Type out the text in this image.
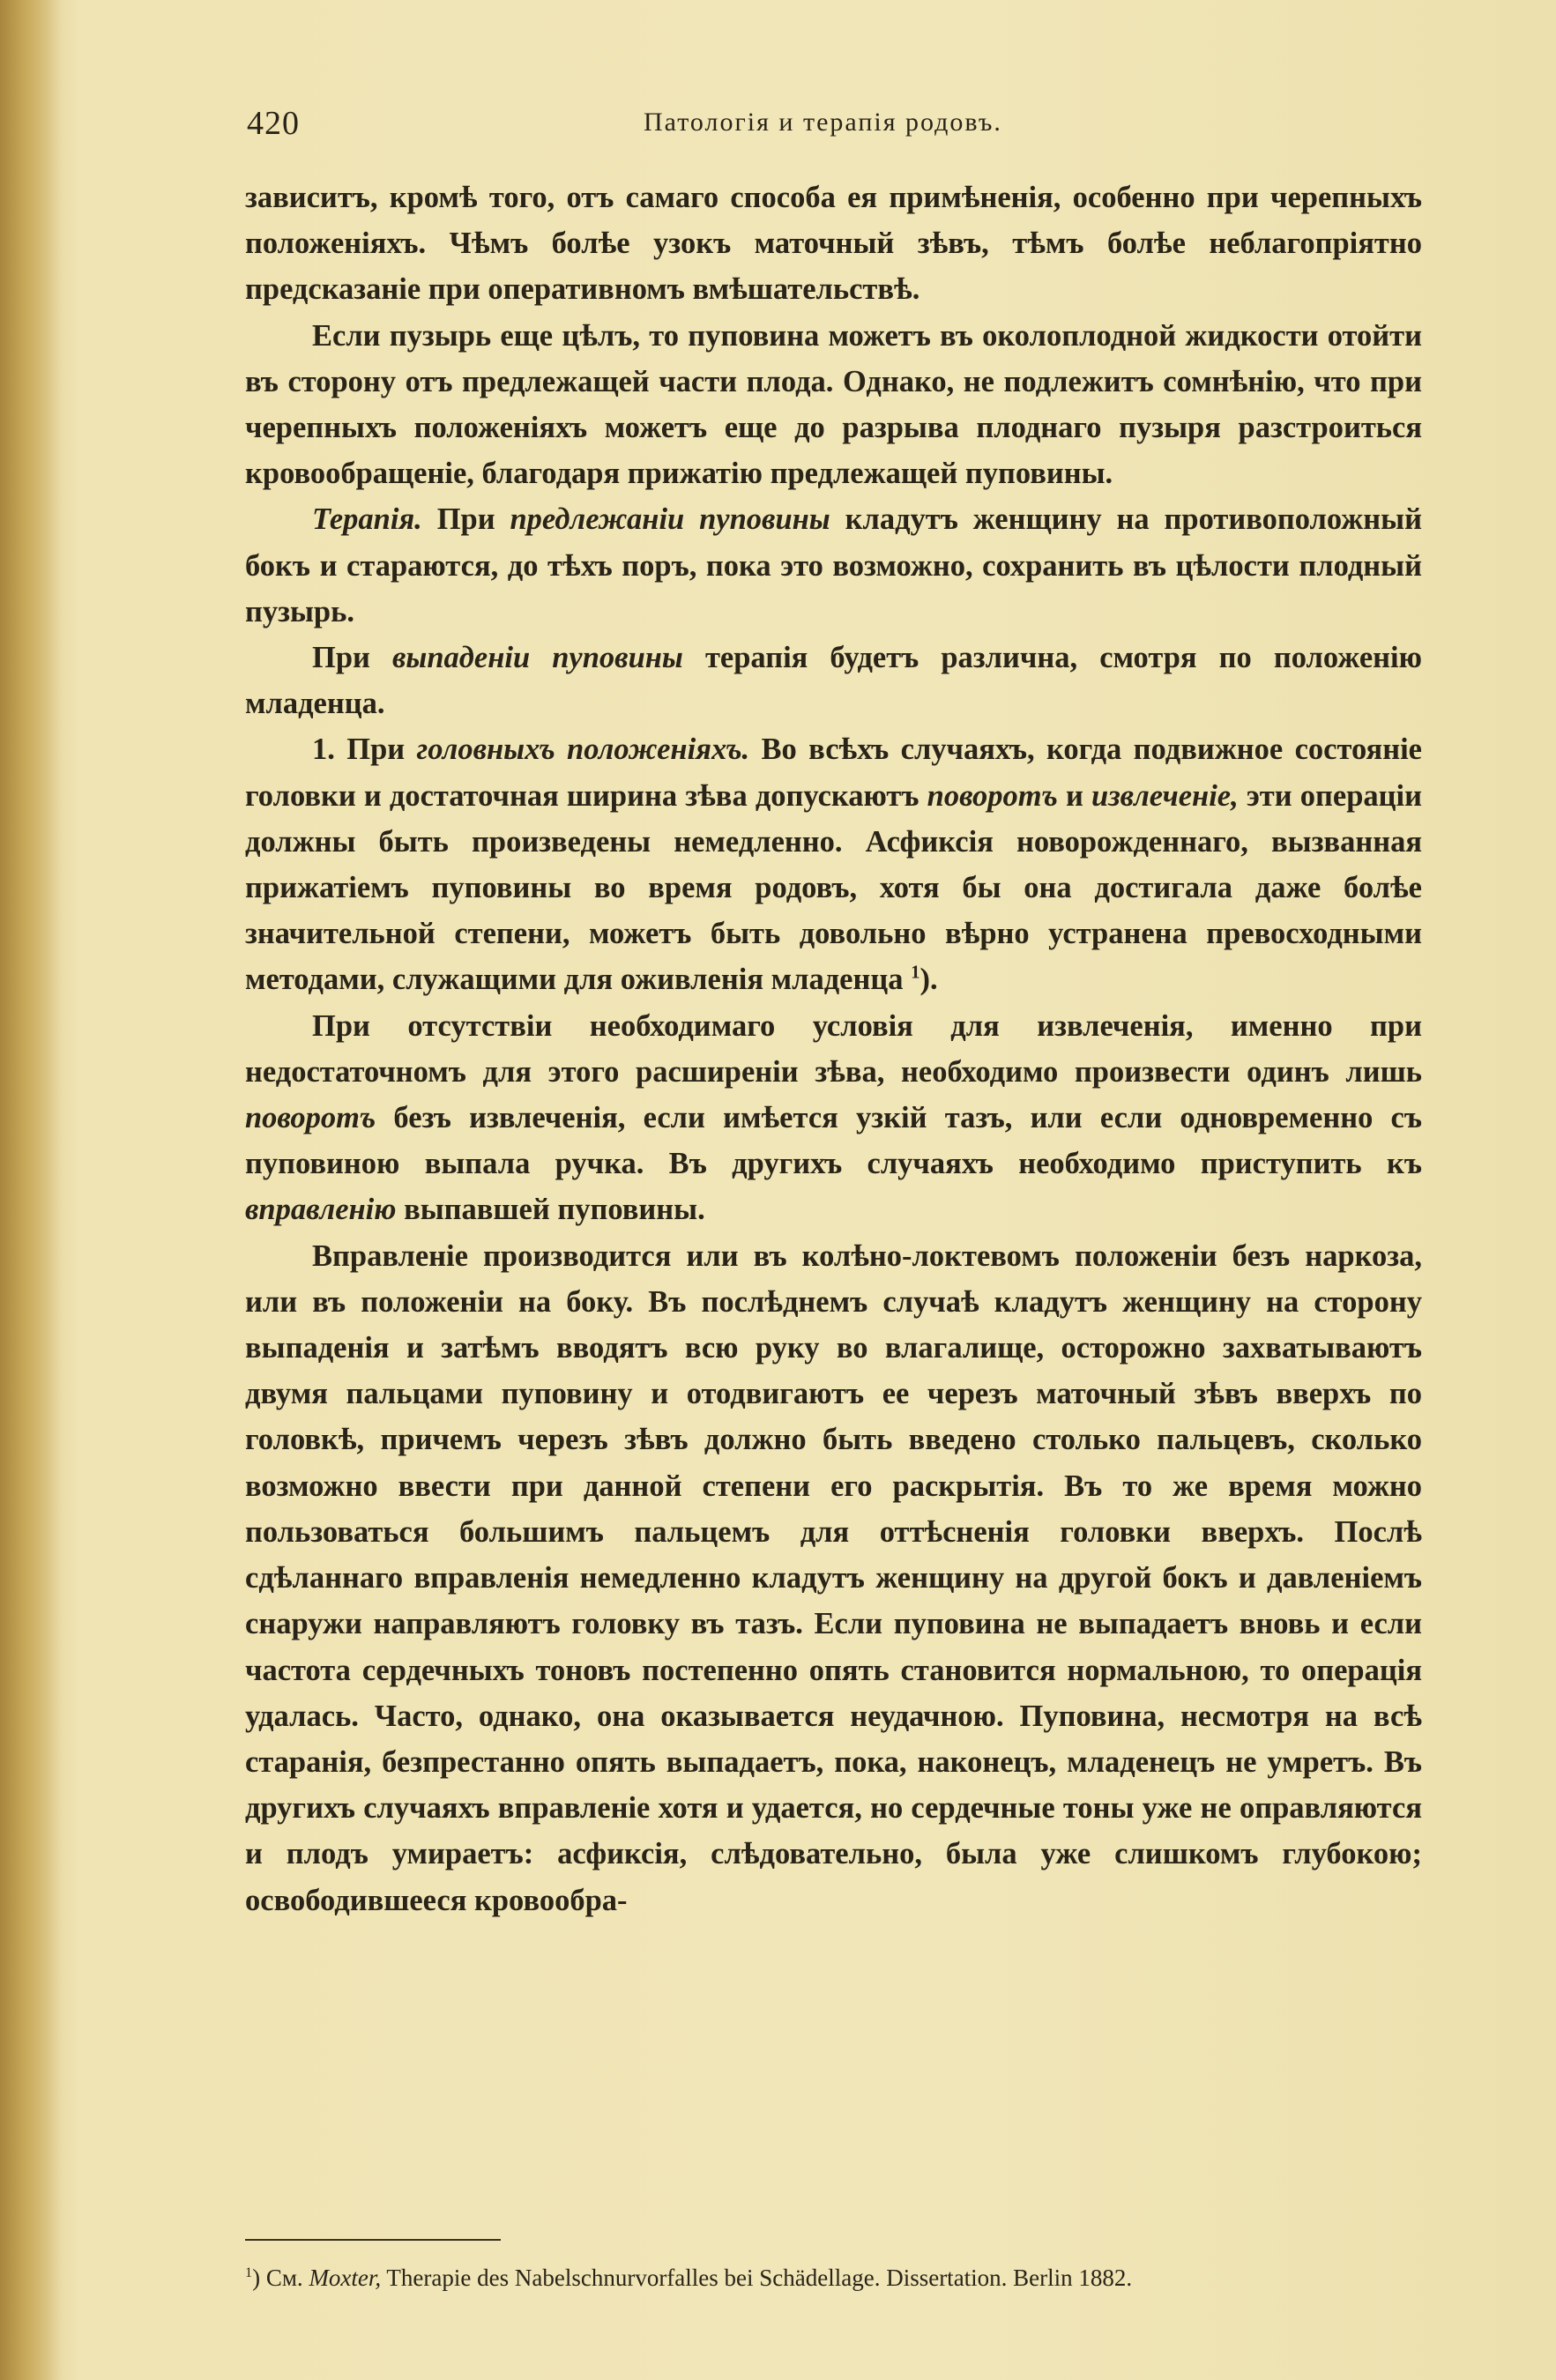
420	Патологія и терапія родовъ.

зависитъ, кромѣ того, отъ самаго способа ея примѣненія, особенно при черепныхъ положеніяхъ. Чѣмъ болѣе узокъ маточный зѣвъ, тѣмъ болѣе неблагопріятно предсказаніе при оперативномъ вмѣшательствѣ.

Если пузырь еще цѣлъ, то пуповина можетъ въ околоплодной жидкости отойти въ сторону отъ предлежащей части плода. Однако, не подлежитъ сомнѣнію, что при черепныхъ положеніяхъ можетъ еще до разрыва плоднаго пузыря разстроиться кровообращеніе, благодаря прижатію предлежащей пуповины.

Терапія. При предлежаніи пуповины кладутъ женщину на противоположный бокъ и стараются, до тѣхъ поръ, пока это возможно, сохранить въ цѣлости плодный пузырь.

При выпаденіи пуповины терапія будетъ различна, смотря по положенію младенца.

1. При головныхъ положеніяхъ. Во всѣхъ случаяхъ, когда подвижное состояніе головки и достаточная ширина зѣва допускаютъ поворотъ и извлеченіе, эти операціи должны быть произведены немедленно. Асфиксія новорожденнаго, вызванная прижатіемъ пуповины во время родовъ, хотя бы она достигала даже болѣе значительной степени, можетъ быть довольно вѣрно устранена превосходными методами, служащими для оживленія младенца $^1$).

При отсутствіи необходимаго условія для извлеченія, именно при недостаточномъ для этого расширеніи зѣва, необходимо произвести одинъ лишь поворотъ безъ извлеченія, если имѣется узкій тазъ, или если одновременно съ пуповиною выпала ручка. Въ другихъ случаяхъ необходимо приступить къ вправленію выпавшей пуповины.

Вправленіе производится или въ колѣно-локтевомъ положеніи безъ наркоза, или въ положеніи на боку. Въ послѣднемъ случаѣ кладутъ женщину на сторону выпаденія и затѣмъ вводятъ всю руку во влагалище, осторожно захватываютъ двумя пальцами пуповину и отодвигаютъ ее черезъ маточный зѣвъ вверхъ по головкѣ, причемъ черезъ зѣвъ должно быть введено столько пальцевъ, сколько возможно ввести при данной степени его раскрытія. Въ то же время можно пользоваться большимъ пальцемъ для оттѣсненія головки вверхъ. Послѣ сдѣланнаго вправленія немедленно кладутъ женщину на другой бокъ и давленіемъ снаружи направляютъ головку въ тазъ. Если пуповина не выпадаетъ вновь и если частота сердечныхъ тоновъ постепенно опять становится нормальною, то операція удалась. Часто, однако, она оказывается неудачною. Пуповина, несмотря на всѣ старанія, безпрестанно опять выпадаетъ, пока, наконецъ, младенецъ не умретъ. Въ другихъ случаяхъ вправленіе хотя и удается, но сердечные тоны уже не оправляются и плодъ умираетъ: асфиксія, слѣдовательно, была уже слишкомъ глубокою; освободившееся кровообра-

$^1$) См. Moxter, Therapie des Nabelschnurvorfalles bei Schädellage. Dissertation. Berlin 1882.
